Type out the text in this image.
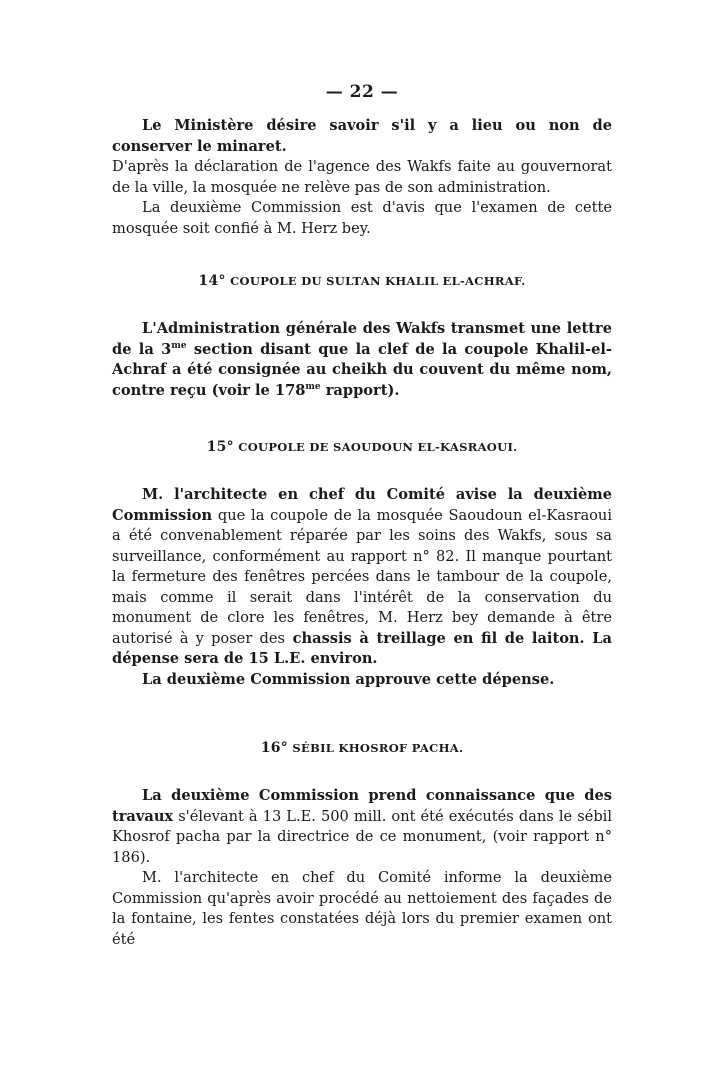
— 22 —

Le Ministère désire savoir s'il y a lieu ou non de conserver le minaret.

D'après la déclaration de l'agence des Wakfs faite au gouvernorat de la ville, la mosquée ne relève pas de son administration.

La deuxième Commission est d'avis que l'examen de cette mosquée soit confié à M. Herz bey.

14° COUPOLE DU SULTAN KHALIL EL-ACHRAF.

L'Administration générale des Wakfs transmet une lettre de la $3^{me}$ section disant que la clef de la coupole Khalil-el-Achraf a été consignée au cheikh du couvent du même nom, contre reçu (voir le $178^{me}$ rapport).

15° COUPOLE DE SAOUDOUN EL-KASRAOUI.

M. l'architecte en chef du Comité avise la deuxième Commission que la coupole de la mosquée Saoudoun el-Kasraoui a été convenablement réparée par les soins des Wakfs, sous sa surveillance, conformément au rapport n° 82. Il manque pourtant la fermeture des fenêtres percées dans le tambour de la coupole, mais comme il serait dans l'intérêt de la conservation du monument de clore les fenêtres, M. Herz bey demande à être autorisé à y poser des chassis à treillage en fil de laiton. La dépense sera de 15 L.E. environ.

La deuxième Commission approuve cette dépense.

16° SÉBIL KHOSROF PACHA.

La deuxième Commission prend connaissance que des travaux s'élevant à 13 L.E. 500 mill. ont été exécutés dans le sébil Khosrof pacha par la directrice de ce monument, (voir rapport n° 186).

M. l'architecte en chef du Comité informe la deuxième Commission qu'après avoir procédé au nettoiement des façades de la fontaine, les fentes constatées déjà lors du premier examen ont été
